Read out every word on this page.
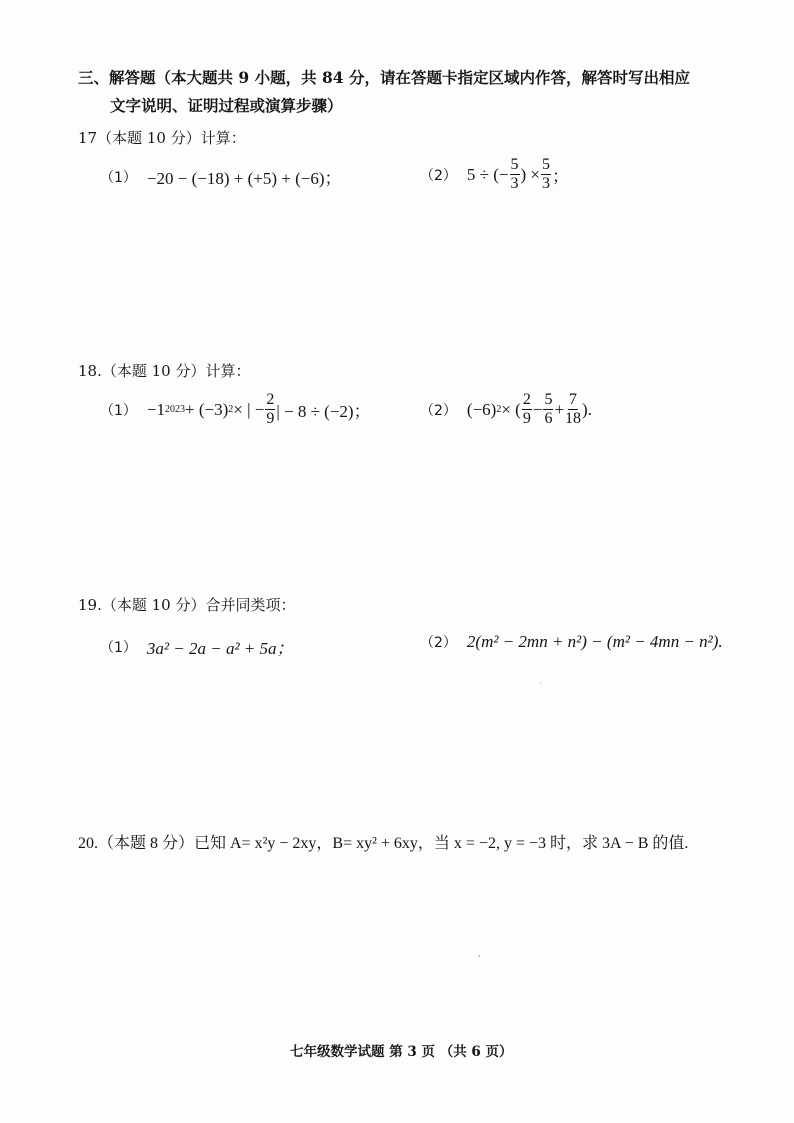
三、解答题（本大题共 9 小题，共 84 分，请在答题卡指定区域内作答，解答时写出相应
文字说明、证明过程或演算步骤）
17（本题 10 分）计算：
（1） −20 − (−18) + (+5) + (−6)；	（2） 5 ÷ (− $\frac{5}{3}$ ) × $\frac{5}{3}$ ；
18.（本题 10 分）计算：
（1） −1 2023 + (−3) 2 × | − $\frac{2}{9}$ | − 8 ÷ (−2)；	（2） (−6) 2 × ( $\frac{2}{9} - \frac{5}{6} + \frac{7}{18}$ ).
19.（本题 10 分）合并同类项：
（1） 3a² − 2a − a² + 5a；	（2） 2(m² − 2mn + n²) − (m² − 4mn − n²).
20.（本题 8 分）已知 A= x²y − 2xy，B= xy² + 6xy，当 x = −2, y = −3 时，求 3A − B 的值.
七年级数学试题 第 3 页 （共 6 页）
